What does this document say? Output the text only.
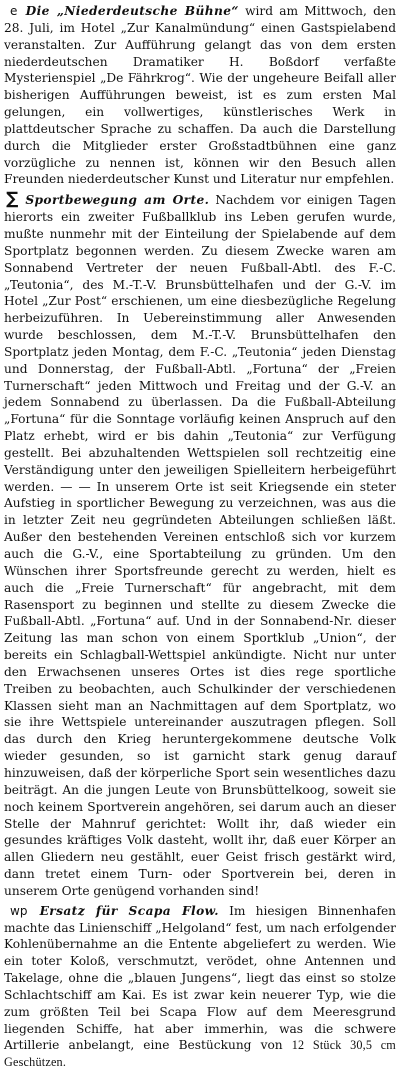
e Die „Niederdeutsche Bühne“ wird am Mittwoch, den 28. Juli, im Hotel „Zur Kanalmündung“ einen Gastspielabend veranstalten. Zur Aufführung gelangt das von dem ersten niederdeutschen Dramatiker H. Boßdorf verfaßte Mysterienspiel „De Fährkrog“. Wie der ungeheure Beifall aller bisherigen Aufführungen beweist, ist es zum ersten Mal gelungen, ein vollwertiges, künstlerisches Werk in plattdeutscher Sprache zu schaffen. Da auch die Darstellung durch die Mitglieder erster Großstadtbühnen eine ganz vorzügliche zu nennen ist, können wir den Besuch allen Freunden niederdeutscher Kunst und Literatur nur empfehlen.

∑ Sportbewegung am Orte. Nachdem vor einigen Tagen hierorts ein zweiter Fußballklub ins Leben gerufen wurde, mußte nunmehr mit der Einteilung der Spielabende auf dem Sportplatz begonnen werden. Zu diesem Zwecke waren am Sonnabend Vertreter der neuen Fußball-Abtl. des F.-C. „Teutonia“, des M.-T.-V. Brunsbüttelhafen und der G.-V. im Hotel „Zur Post“ erschienen, um eine diesbezügliche Regelung herbeizuführen. In Uebereinstimmung aller Anwesenden wurde beschlossen, dem M.-T.-V. Brunsbüttelhafen den Sportplatz jeden Montag, dem F.-C. „Teutonia“ jeden Dienstag und Donnerstag, der Fußball-Abtl. „Fortuna“ der „Freien Turnerschaft“ jeden Mittwoch und Freitag und der G.-V. an jedem Sonnabend zu überlassen. Da die Fußball-Abteilung „Fortuna“ für die Sonntage vorläufig keinen Anspruch auf den Platz erhebt, wird er bis dahin „Teutonia“ zur Verfügung gestellt. Bei abzuhaltenden Wettspielen soll rechtzeitig eine Verständigung unter den jeweiligen Spielleitern herbeigeführt werden. — — In unserem Orte ist seit Kriegsende ein steter Aufstieg in sportlicher Bewegung zu verzeichnen, was aus die in letzter Zeit neu gegründeten Abteilungen schließen läßt. Außer den bestehenden Vereinen entschloß sich vor kurzem auch die G.-V., eine Sportabteilung zu gründen. Um den Wünschen ihrer Sportsfreunde gerecht zu werden, hielt es auch die „Freie Turnerschaft“ für angebracht, mit dem Rasensport zu beginnen und stellte zu diesem Zwecke die Fußball-Abtl. „Fortuna“ auf. Und in der Sonnabend-Nr. dieser Zeitung las man schon von einem Sportklub „Union“, der bereits ein Schlagball-Wettspiel ankündigte. Nicht nur unter den Erwachsenen unseres Ortes ist dies rege sportliche Treiben zu beobachten, auch Schulkinder der verschiedenen Klassen sieht man an Nachmittagen auf dem Sportplatz, wo sie ihre Wettspiele untereinander auszutragen pflegen. Soll das durch den Krieg heruntergekommene deutsche Volk wieder gesunden, so ist garnicht stark genug darauf hinzuweisen, daß der körperliche Sport sein wesentliches dazu beiträgt. An die jungen Leute von Brunsbüttelkoog, soweit sie noch keinem Sportverein angehören, sei darum auch an dieser Stelle der Mahnruf gerichtet: Wollt ihr, daß wieder ein gesundes kräftiges Volk dasteht, wollt ihr, daß euer Körper an allen Gliedern neu gestählt, euer Geist frisch gestärkt wird, dann tretet einem Turn- oder Sportverein bei, deren in unserem Orte genügend vorhanden sind!

wp Ersatz für Scapa Flow. Im hiesigen Binnenhafen machte das Linienschiff „Helgoland“ fest, um nach erfolgender Kohlenübernahme an die Entente abgeliefert zu werden. Wie ein toter Koloß, verschmutzt, verödet, ohne Antennen und Takelage, ohne die „blauen Jungens“, liegt das einst so stolze Schlachtschiff am Kai. Es ist zwar kein neuerer Typ, wie die zum größten Teil bei Scapa Flow auf dem Meeresgrund liegenden Schiffe, hat aber immerhin, was die schwere Artillerie anbelangt, eine Bestückung von 12 Stück 30,5 cm Geschützen.
